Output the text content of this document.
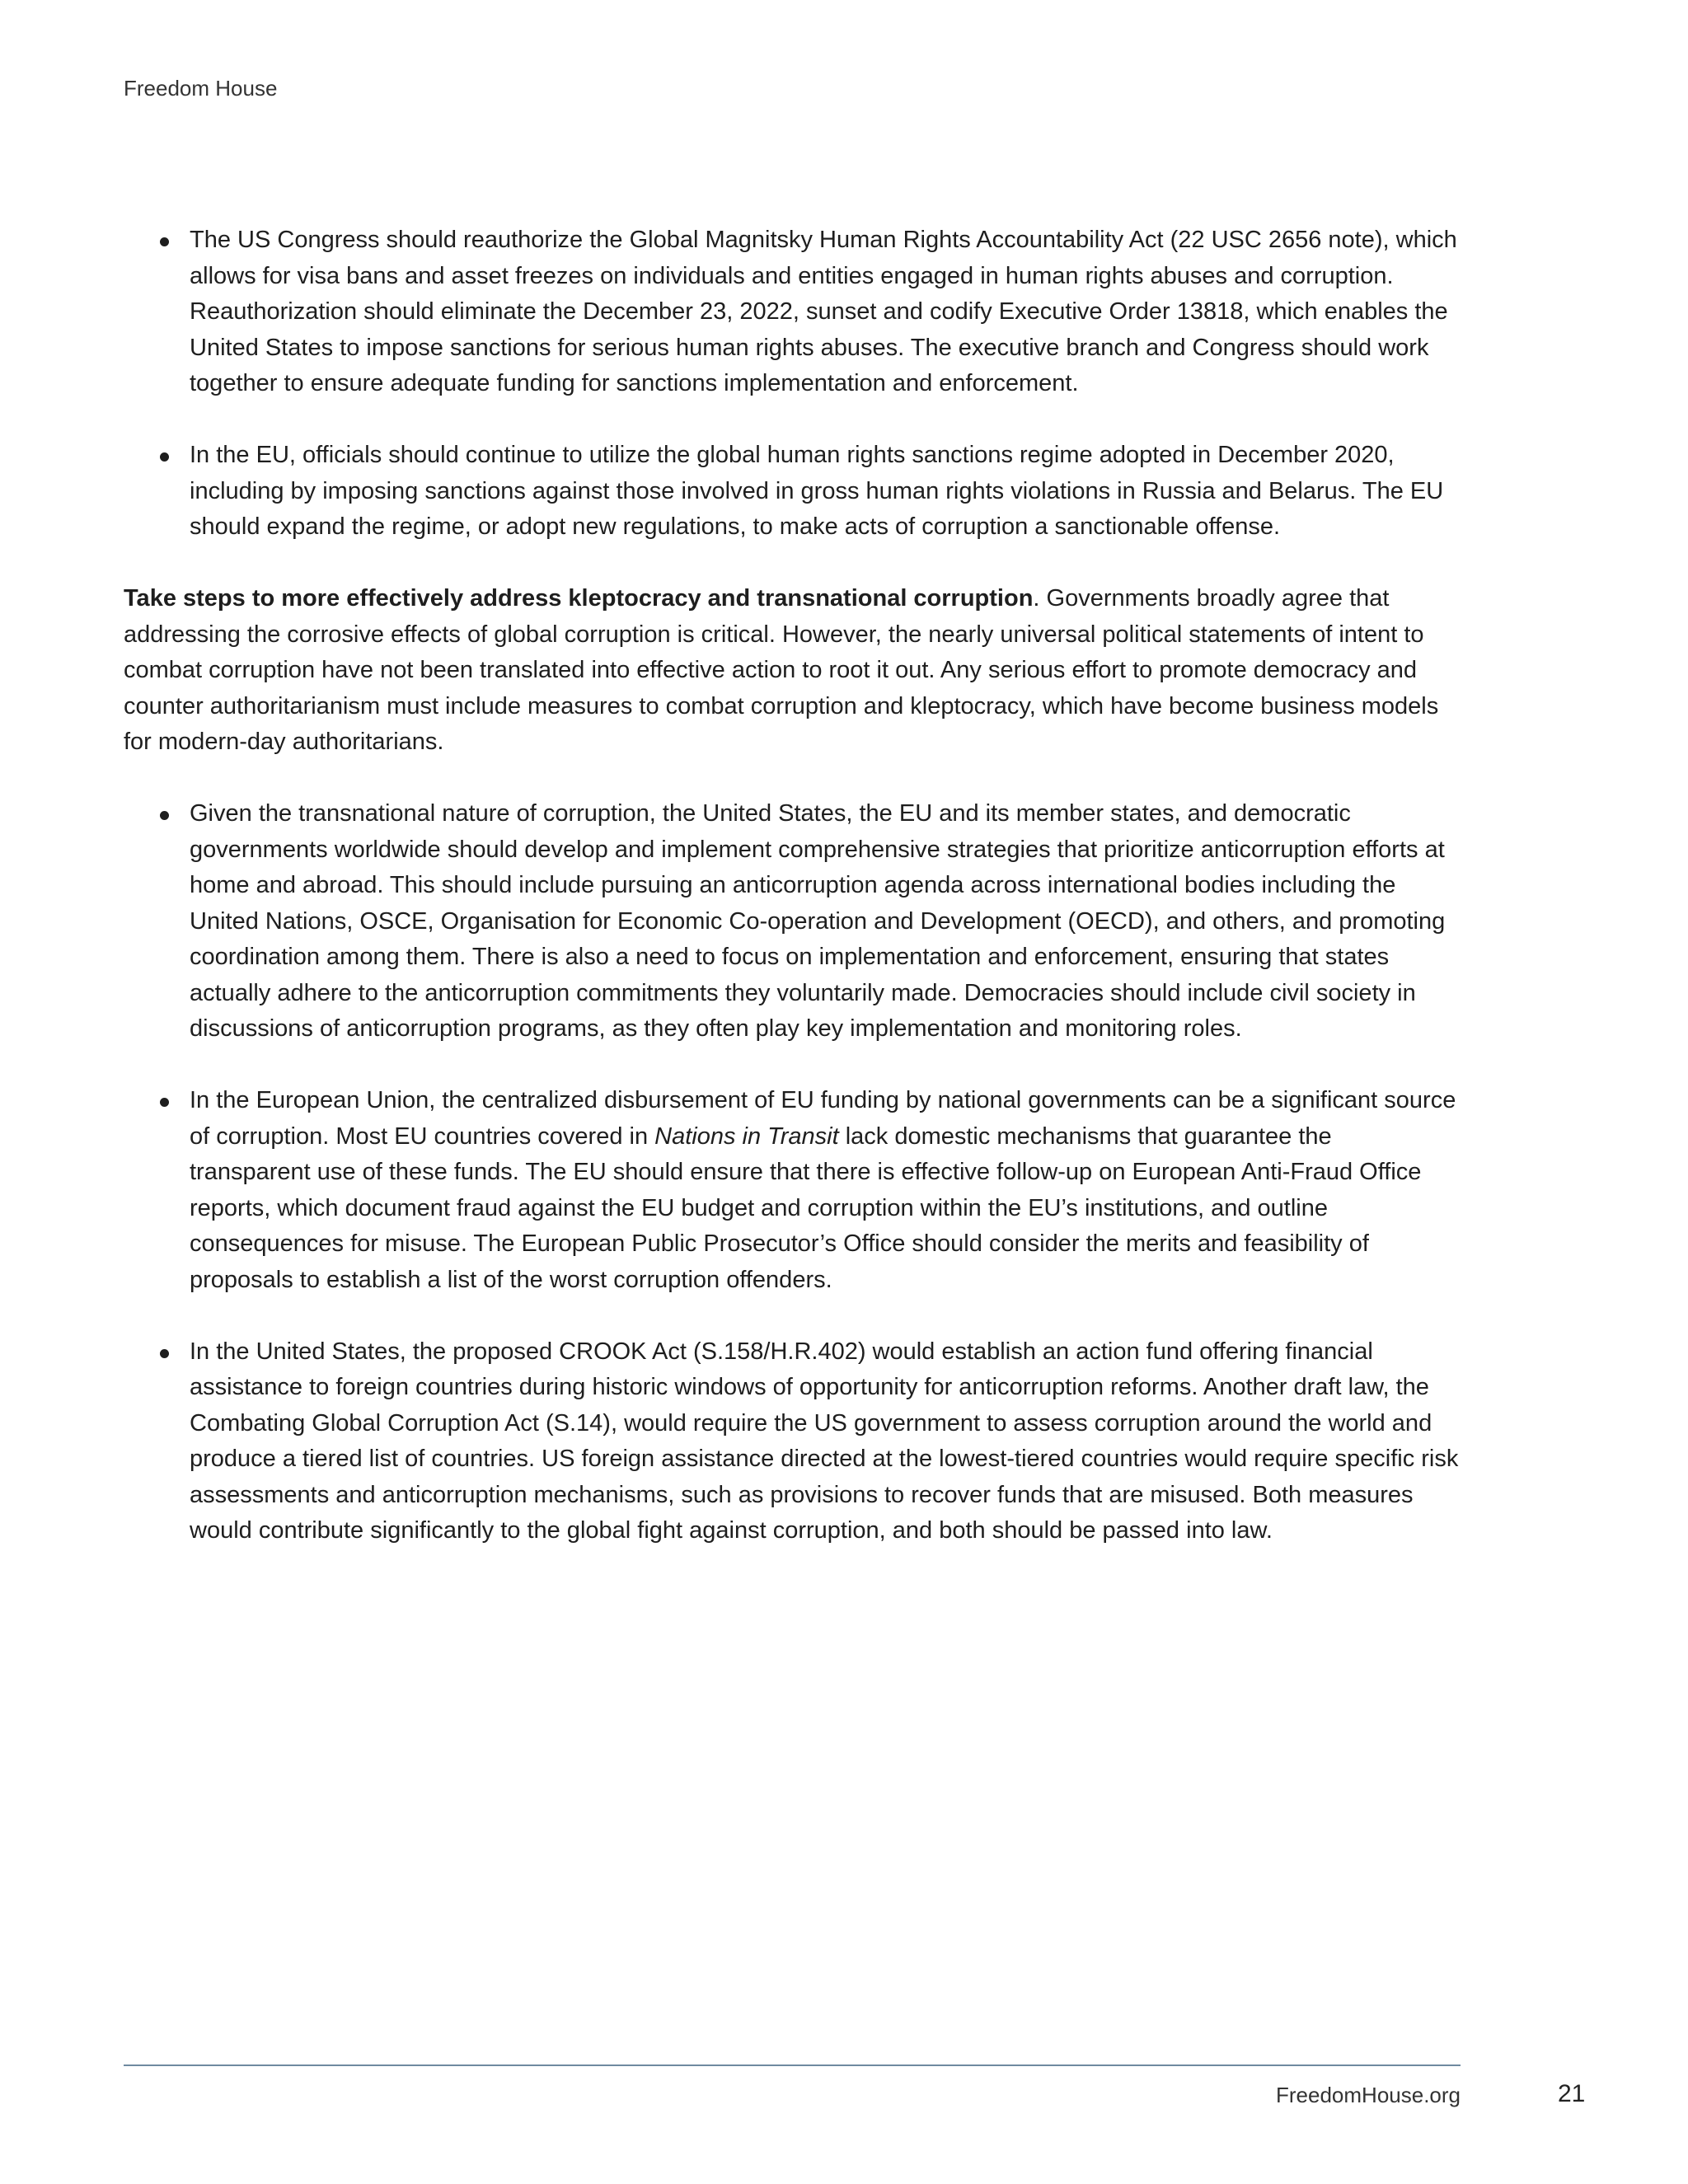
Freedom House
The US Congress should reauthorize the Global Magnitsky Human Rights Accountability Act (22 USC 2656 note), which allows for visa bans and asset freezes on individuals and entities engaged in human rights abuses and corruption. Reauthorization should eliminate the December 23, 2022, sunset and codify Executive Order 13818, which enables the United States to impose sanctions for serious human rights abuses. The executive branch and Congress should work together to ensure adequate funding for sanctions implementation and enforcement.
In the EU, officials should continue to utilize the global human rights sanctions regime adopted in December 2020, including by imposing sanctions against those involved in gross human rights violations in Russia and Belarus. The EU should expand the regime, or adopt new regulations, to make acts of corruption a sanctionable offense.

Take steps to more effectively address kleptocracy and transnational corruption. Governments broadly agree that addressing the corrosive effects of global corruption is critical. However, the nearly universal political statements of intent to combat corruption have not been translated into effective action to root it out. Any serious effort to promote democracy and counter authoritarianism must include measures to combat corruption and kleptocracy, which have become business models for modern-day authoritarians.

Given the transnational nature of corruption, the United States, the EU and its member states, and democratic governments worldwide should develop and implement comprehensive strategies that prioritize anticorruption efforts at home and abroad. This should include pursuing an anticorruption agenda across international bodies including the United Nations, OSCE, Organisation for Economic Co-operation and Development (OECD), and others, and promoting coordination among them. There is also a need to focus on implementation and enforcement, ensuring that states actually adhere to the anticorruption commitments they voluntarily made. Democracies should include civil society in discussions of anticorruption programs, as they often play key implementation and monitoring roles.
In the European Union, the centralized disbursement of EU funding by national governments can be a significant source of corruption. Most EU countries covered in Nations in Transit lack domestic mechanisms that guarantee the transparent use of these funds. The EU should ensure that there is effective follow-up on European Anti-Fraud Office reports, which document fraud against the EU budget and corruption within the EU’s institutions, and outline consequences for misuse. The European Public Prosecutor’s Office should consider the merits and feasibility of proposals to establish a list of the worst corruption offenders.
In the United States, the proposed CROOK Act (S.158/H.R.402) would establish an action fund offering financial assistance to foreign countries during historic windows of opportunity for anticorruption reforms. Another draft law, the Combating Global Corruption Act (S.14), would require the US government to assess corruption around the world and produce a tiered list of countries. US foreign assistance directed at the lowest-tiered countries would require specific risk assessments and anticorruption mechanisms, such as provisions to recover funds that are misused. Both measures would contribute significantly to the global fight against corruption, and both should be passed into law.
FreedomHouse.org	21
